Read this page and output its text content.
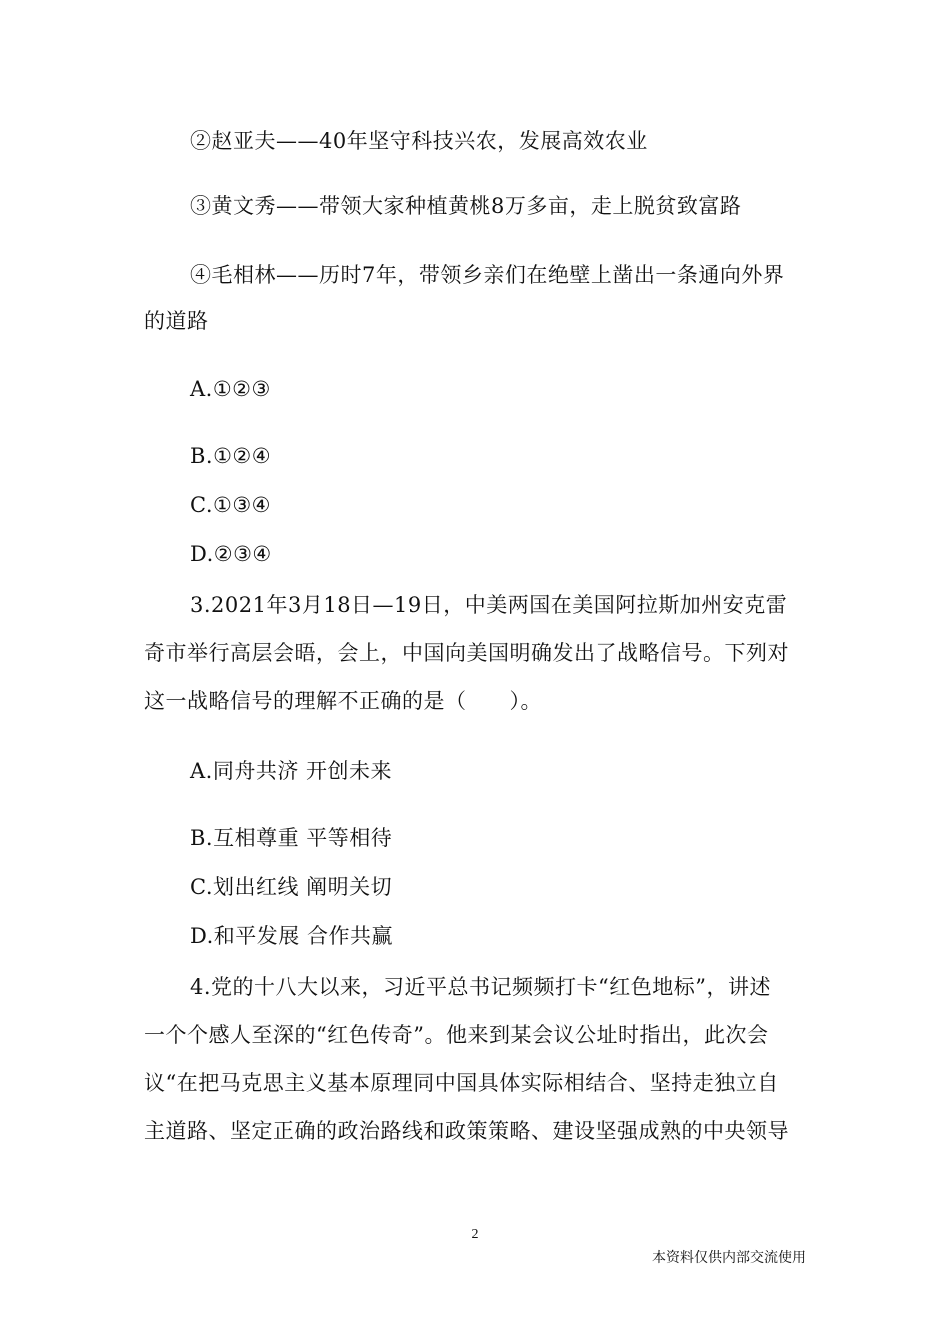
②赵亚夫——40年坚守科技兴农，发展高效农业
③黄文秀——带领大家种植黄桃8万多亩，走上脱贫致富路
④毛相林——历时7年，带领乡亲们在绝壁上凿出一条通向外界
的道路
A.①②③
B.①②④
C.①③④
D.②③④
3.2021年3月18日—19日，中美两国在美国阿拉斯加州安克雷
奇市举行高层会晤，会上，中国向美国明确发出了战略信号。下列对
这一战略信号的理解不正确的是（　　）。
A.同舟共济 开创未来
B.互相尊重 平等相待
C.划出红线 阐明关切
D.和平发展 合作共赢
4.党的十八大以来，习近平总书记频频打卡“红色地标”，讲述
一个个感人至深的“红色传奇”。他来到某会议公址时指出，此次会
议“在把马克思主义基本原理同中国具体实际相结合、坚持走独立自
主道路、坚定正确的政治路线和政策策略、建设坚强成熟的中央领导
2
本资料仅供内部交流使用
